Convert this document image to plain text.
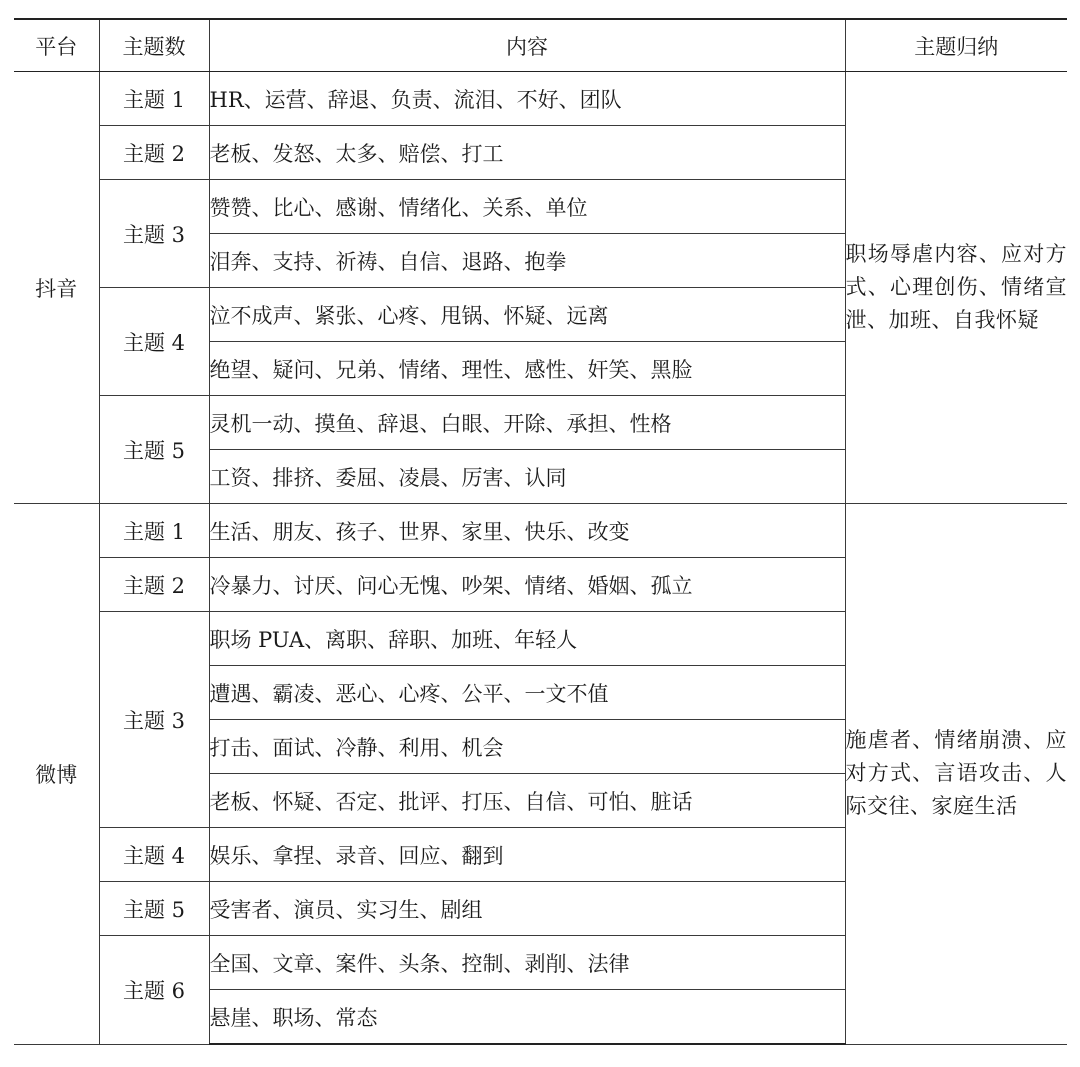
平台	主题数	内容	主题归纳
抖音	主题 1	HR、运营、辞退、负责、流泪、不好、团队	职场辱虐内容、应对方式、心理创伤、情绪宣泄、加班、自我怀疑
	主题 2	老板、发怒、太多、赔偿、打工	
	主题 3	赞赞、比心、感谢、情绪化、关系、单位	
		泪奔、支持、祈祷、自信、退路、抱拳	
	主题 4	泣不成声、紧张、心疼、甩锅、怀疑、远离	
		绝望、疑问、兄弟、情绪、理性、感性、奸笑、黑脸	
	主题 5	灵机一动、摸鱼、辞退、白眼、开除、承担、性格	
		工资、排挤、委屈、凌晨、厉害、认同	
微博	主题 1	生活、朋友、孩子、世界、家里、快乐、改变	施虐者、情绪崩溃、应对方式、言语攻击、人际交往、家庭生活
	主题 2	冷暴力、讨厌、问心无愧、吵架、情绪、婚姻、孤立	
	主题 3	职场 PUA、离职、辞职、加班、年轻人	
		遭遇、霸凌、恶心、心疼、公平、一文不值	
		打击、面试、冷静、利用、机会	
		老板、怀疑、否定、批评、打压、自信、可怕、脏话	
	主题 4	娱乐、拿捏、录音、回应、翻到	
	主题 5	受害者、演员、实习生、剧组	
	主题 6	全国、文章、案件、头条、控制、剥削、法律	
		悬崖、职场、常态	
